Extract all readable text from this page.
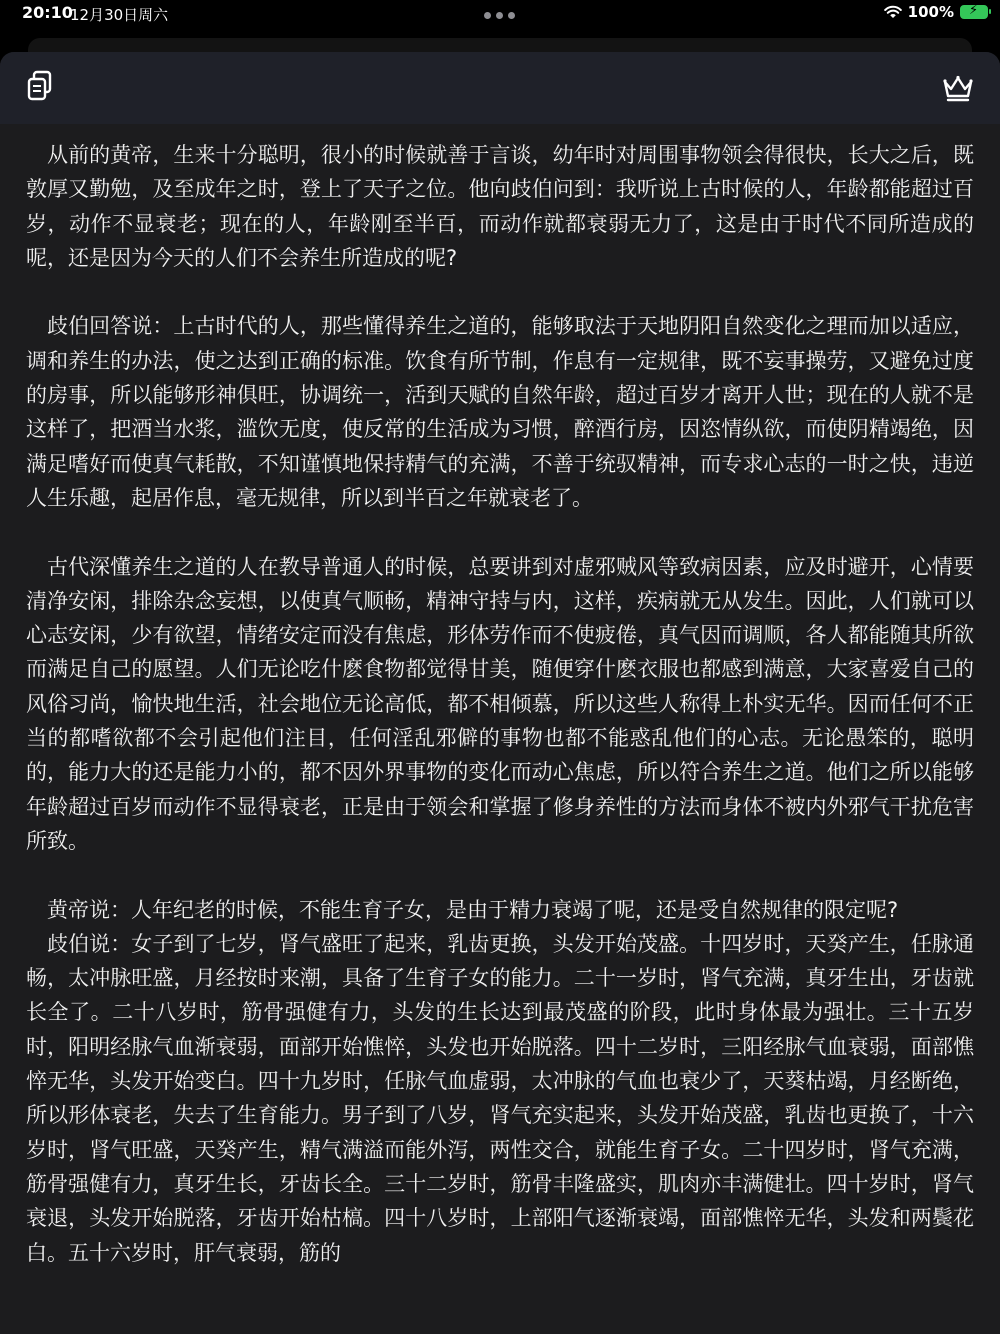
20:10
12月30日周六	100% ⚡

从前的黄帝，生来十分聪明，很小的时候就善于言谈，幼年时对周围事物领会得很快，长大之后，既敦厚又勤勉，及至成年之时，登上了天子之位。他向歧伯问到：我听说上古时候的人，年龄都能超过百岁，动作不显衰老；现在的人，年龄刚至半百，而动作就都衰弱无力了，这是由于时代不同所造成的呢，还是因为今天的人们不会养生所造成的呢?

歧伯回答说：上古时代的人，那些懂得养生之道的，能够取法于天地阴阳自然变化之理而加以适应，调和养生的办法，使之达到正确的标准。饮食有所节制，作息有一定规律，既不妄事操劳，又避免过度的房事，所以能够形神俱旺，协调统一，活到天赋的自然年龄，超过百岁才离开人世；现在的人就不是这样了，把酒当水浆，滥饮无度，使反常的生活成为习惯，醉酒行房，因恣情纵欲，而使阴精竭绝，因满足嗜好而使真气耗散，不知谨慎地保持精气的充满，不善于统驭精神，而专求心志的一时之快，违逆人生乐趣，起居作息，毫无规律，所以到半百之年就衰老了。

古代深懂养生之道的人在教导普通人的时候，总要讲到对虚邪贼风等致病因素，应及时避开，心情要清净安闲，排除杂念妄想，以使真气顺畅，精神守持与内，这样，疾病就无从发生。因此，人们就可以心志安闲，少有欲望，情绪安定而没有焦虑，形体劳作而不使疲倦，真气因而调顺，各人都能随其所欲而满足自己的愿望。人们无论吃什麽食物都觉得甘美，随便穿什麽衣服也都感到满意，大家喜爱自己的风俗习尚，愉快地生活，社会地位无论高低，都不相倾慕，所以这些人称得上朴实无华。因而任何不正当的都嗜欲都不会引起他们注目，任何淫乱邪僻的事物也都不能惑乱他们的心志。无论愚笨的，聪明的，能力大的还是能力小的，都不因外界事物的变化而动心焦虑，所以符合养生之道。他们之所以能够年龄超过百岁而动作不显得衰老，正是由于领会和掌握了修身养性的方法而身体不被内外邪气干扰危害所致。

黄帝说：人年纪老的时候，不能生育子女，是由于精力衰竭了呢，还是受自然规律的限定呢?

歧伯说：女子到了七岁，肾气盛旺了起来，乳齿更换，头发开始茂盛。十四岁时，天癸产生，任脉通畅，太冲脉旺盛，月经按时来潮，具备了生育子女的能力。二十一岁时，肾气充满，真牙生出，牙齿就长全了。二十八岁时，筋骨强健有力，头发的生长达到最茂盛的阶段，此时身体最为强壮。三十五岁时，阳明经脉气血渐衰弱，面部开始憔悴，头发也开始脱落。四十二岁时，三阳经脉气血衰弱，面部憔悴无华，头发开始变白。四十九岁时，任脉气血虚弱，太冲脉的气血也衰少了，天葵枯竭，月经断绝，所以形体衰老，失去了生育能力。男子到了八岁，肾气充实起来，头发开始茂盛，乳齿也更换了，十六岁时，肾气旺盛，天癸产生，精气满溢而能外泻，两性交合，就能生育子女。二十四岁时，肾气充满，筋骨强健有力，真牙生长，牙齿长全。三十二岁时，筋骨丰隆盛实，肌肉亦丰满健壮。四十岁时，肾气衰退，头发开始脱落，牙齿开始枯槁。四十八岁时，上部阳气逐渐衰竭，面部憔悴无华，头发和两鬓花白。五十六岁时，肝气衰弱，筋的
